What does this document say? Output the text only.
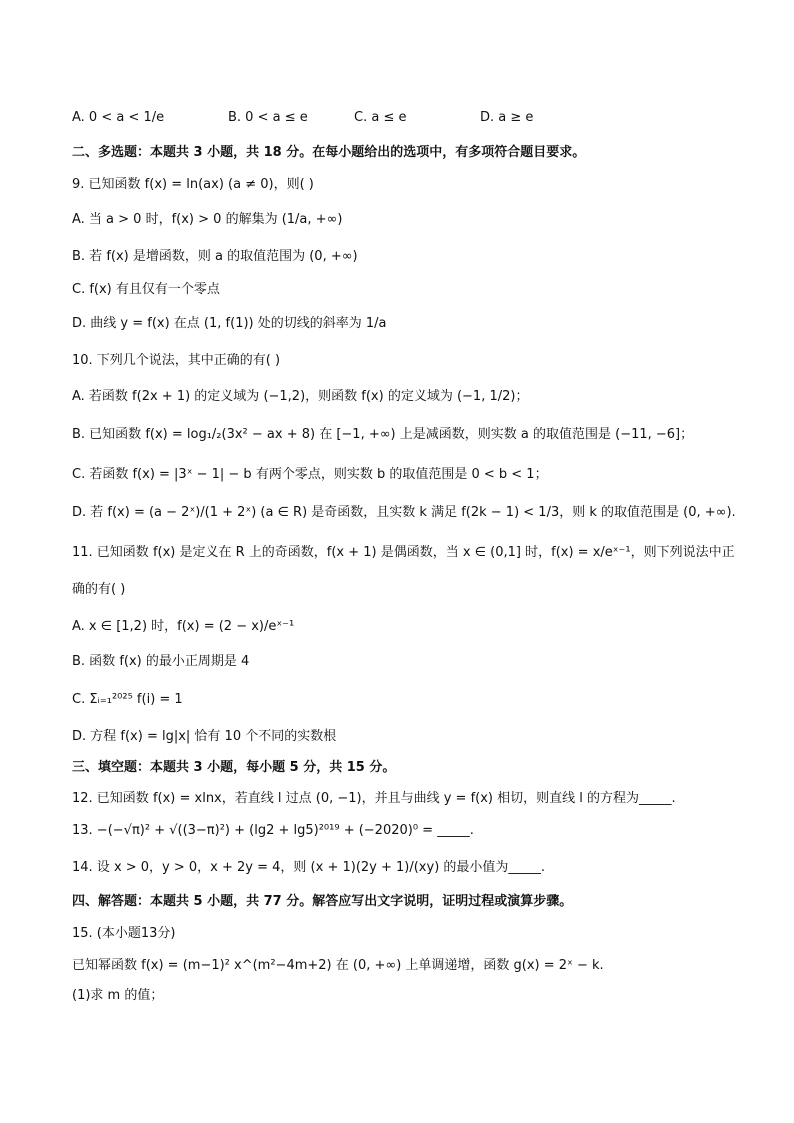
A. 0 < a < 1/e	B. 0 < a ≤ e	C. a ≤ e	D. a ≥ e
二、多选题：本题共 3 小题，共 18 分。在每小题给出的选项中，有多项符合题目要求。
9. 已知函数 f(x) = ln(ax) (a ≠ 0)，则( )
A. 当 a > 0 时，f(x) > 0 的解集为 (1/a, +∞)
B. 若 f(x) 是增函数，则 a 的取值范围为 (0, +∞)
C. f(x) 有且仅有一个零点
D. 曲线 y = f(x) 在点 (1, f(1)) 处的切线的斜率为 1/a
10. 下列几个说法，其中正确的有( )
A. 若函数 f(2x + 1) 的定义域为 (−1,2)，则函数 f(x) 的定义域为 (−1, 1/2)；
B. 已知函数 f(x) = log₁/₂(3x² − ax + 8) 在 [−1, +∞) 上是减函数，则实数 a 的取值范围是 (−11, −6]；
C. 若函数 f(x) = |3ˣ − 1| − b 有两个零点，则实数 b 的取值范围是 0 < b < 1；
D. 若 f(x) = (a − 2ˣ)/(1 + 2ˣ) (a ∈ R) 是奇函数，且实数 k 满足 f(2k − 1) < 1/3，则 k 的取值范围是 (0, +∞).
11. 已知函数 f(x) 是定义在 R 上的奇函数，f(x + 1) 是偶函数，当 x ∈ (0,1] 时，f(x) = x/eˣ⁻¹，则下列说法中正
确的有( )
A. x ∈ [1,2) 时，f(x) = (2 − x)/eˣ⁻¹
B. 函数 f(x) 的最小正周期是 4
C. Σᵢ₌₁²⁰²⁵ f(i) = 1
D. 方程 f(x) = lg|x| 恰有 10 个不同的实数根
三、填空题：本题共 3 小题，每小题 5 分，共 15 分。
12. 已知函数 f(x) = xlnx，若直线 l 过点 (0, −1)，并且与曲线 y = f(x) 相切，则直线 l 的方程为_____.
13. −(−√π)² + √((3−π)²) + (lg2 + lg5)²⁰¹⁹ + (−2020)⁰ = _____.
14. 设 x > 0，y > 0，x + 2y = 4，则 (x + 1)(2y + 1)/(xy) 的最小值为_____.
四、解答题：本题共 5 小题，共 77 分。解答应写出文字说明，证明过程或演算步骤。
15. (本小题13分)
已知幂函数 f(x) = (m−1)² x^(m²−4m+2) 在 (0, +∞) 上单调递增，函数 g(x) = 2ˣ − k.
(1)求 m 的值；
